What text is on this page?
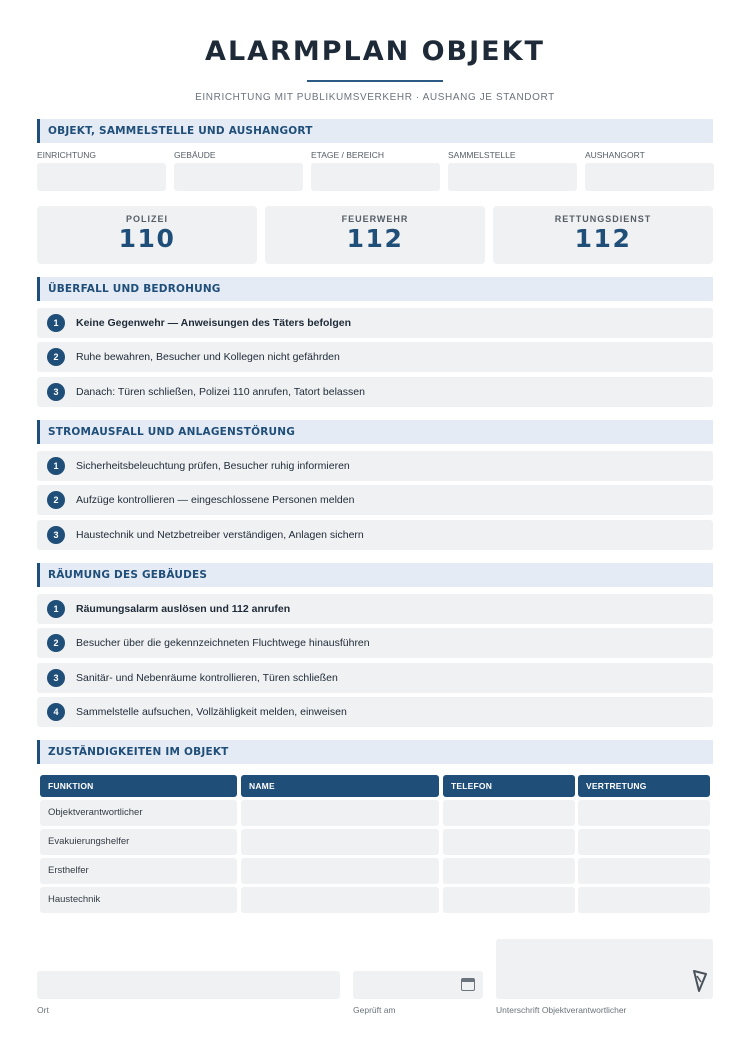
ALARMPLAN OBJEKT
EINRICHTUNG MIT PUBLIKUMSVERKEHR · AUSHANG JE STANDORT
OBJEKT, SAMMELSTELLE UND AUSHANGORT
EINRICHTUNG	GEBÄUDE	ETAGE / BEREICH	SAMMELSTELLE	AUSHANGORT
POLIZEI
110
FEUERWEHR
112
RETTUNGSDIENST
112
ÜBERFALL UND BEDROHUNG
1	Keine Gegenwehr — Anweisungen des Täters befolgen
2	Ruhe bewahren, Besucher und Kollegen nicht gefährden
3	Danach: Türen schließen, Polizei 110 anrufen, Tatort belassen
STROMAUSFALL UND ANLAGENSTÖRUNG
1	Sicherheitsbeleuchtung prüfen, Besucher ruhig informieren
2	Aufzüge kontrollieren — eingeschlossene Personen melden
3	Haustechnik und Netzbetreiber verständigen, Anlagen sichern
RÄUMUNG DES GEBÄUDES
1	Räumungsalarm auslösen und 112 anrufen
2	Besucher über die gekennzeichneten Fluchtwege hinausführen
3	Sanitär- und Nebenräume kontrollieren, Türen schließen
4	Sammelstelle aufsuchen, Vollzähligkeit melden, einweisen
ZUSTÄNDIGKEITEN IM OBJEKT
FUNKTION	NAME	TELEFON	VERTRETUNG
Objektverantwortlicher
Evakuierungshelfer
Ersthelfer
Haustechnik
Ort	Geprüft am	Unterschrift Objektverantwortlicher
